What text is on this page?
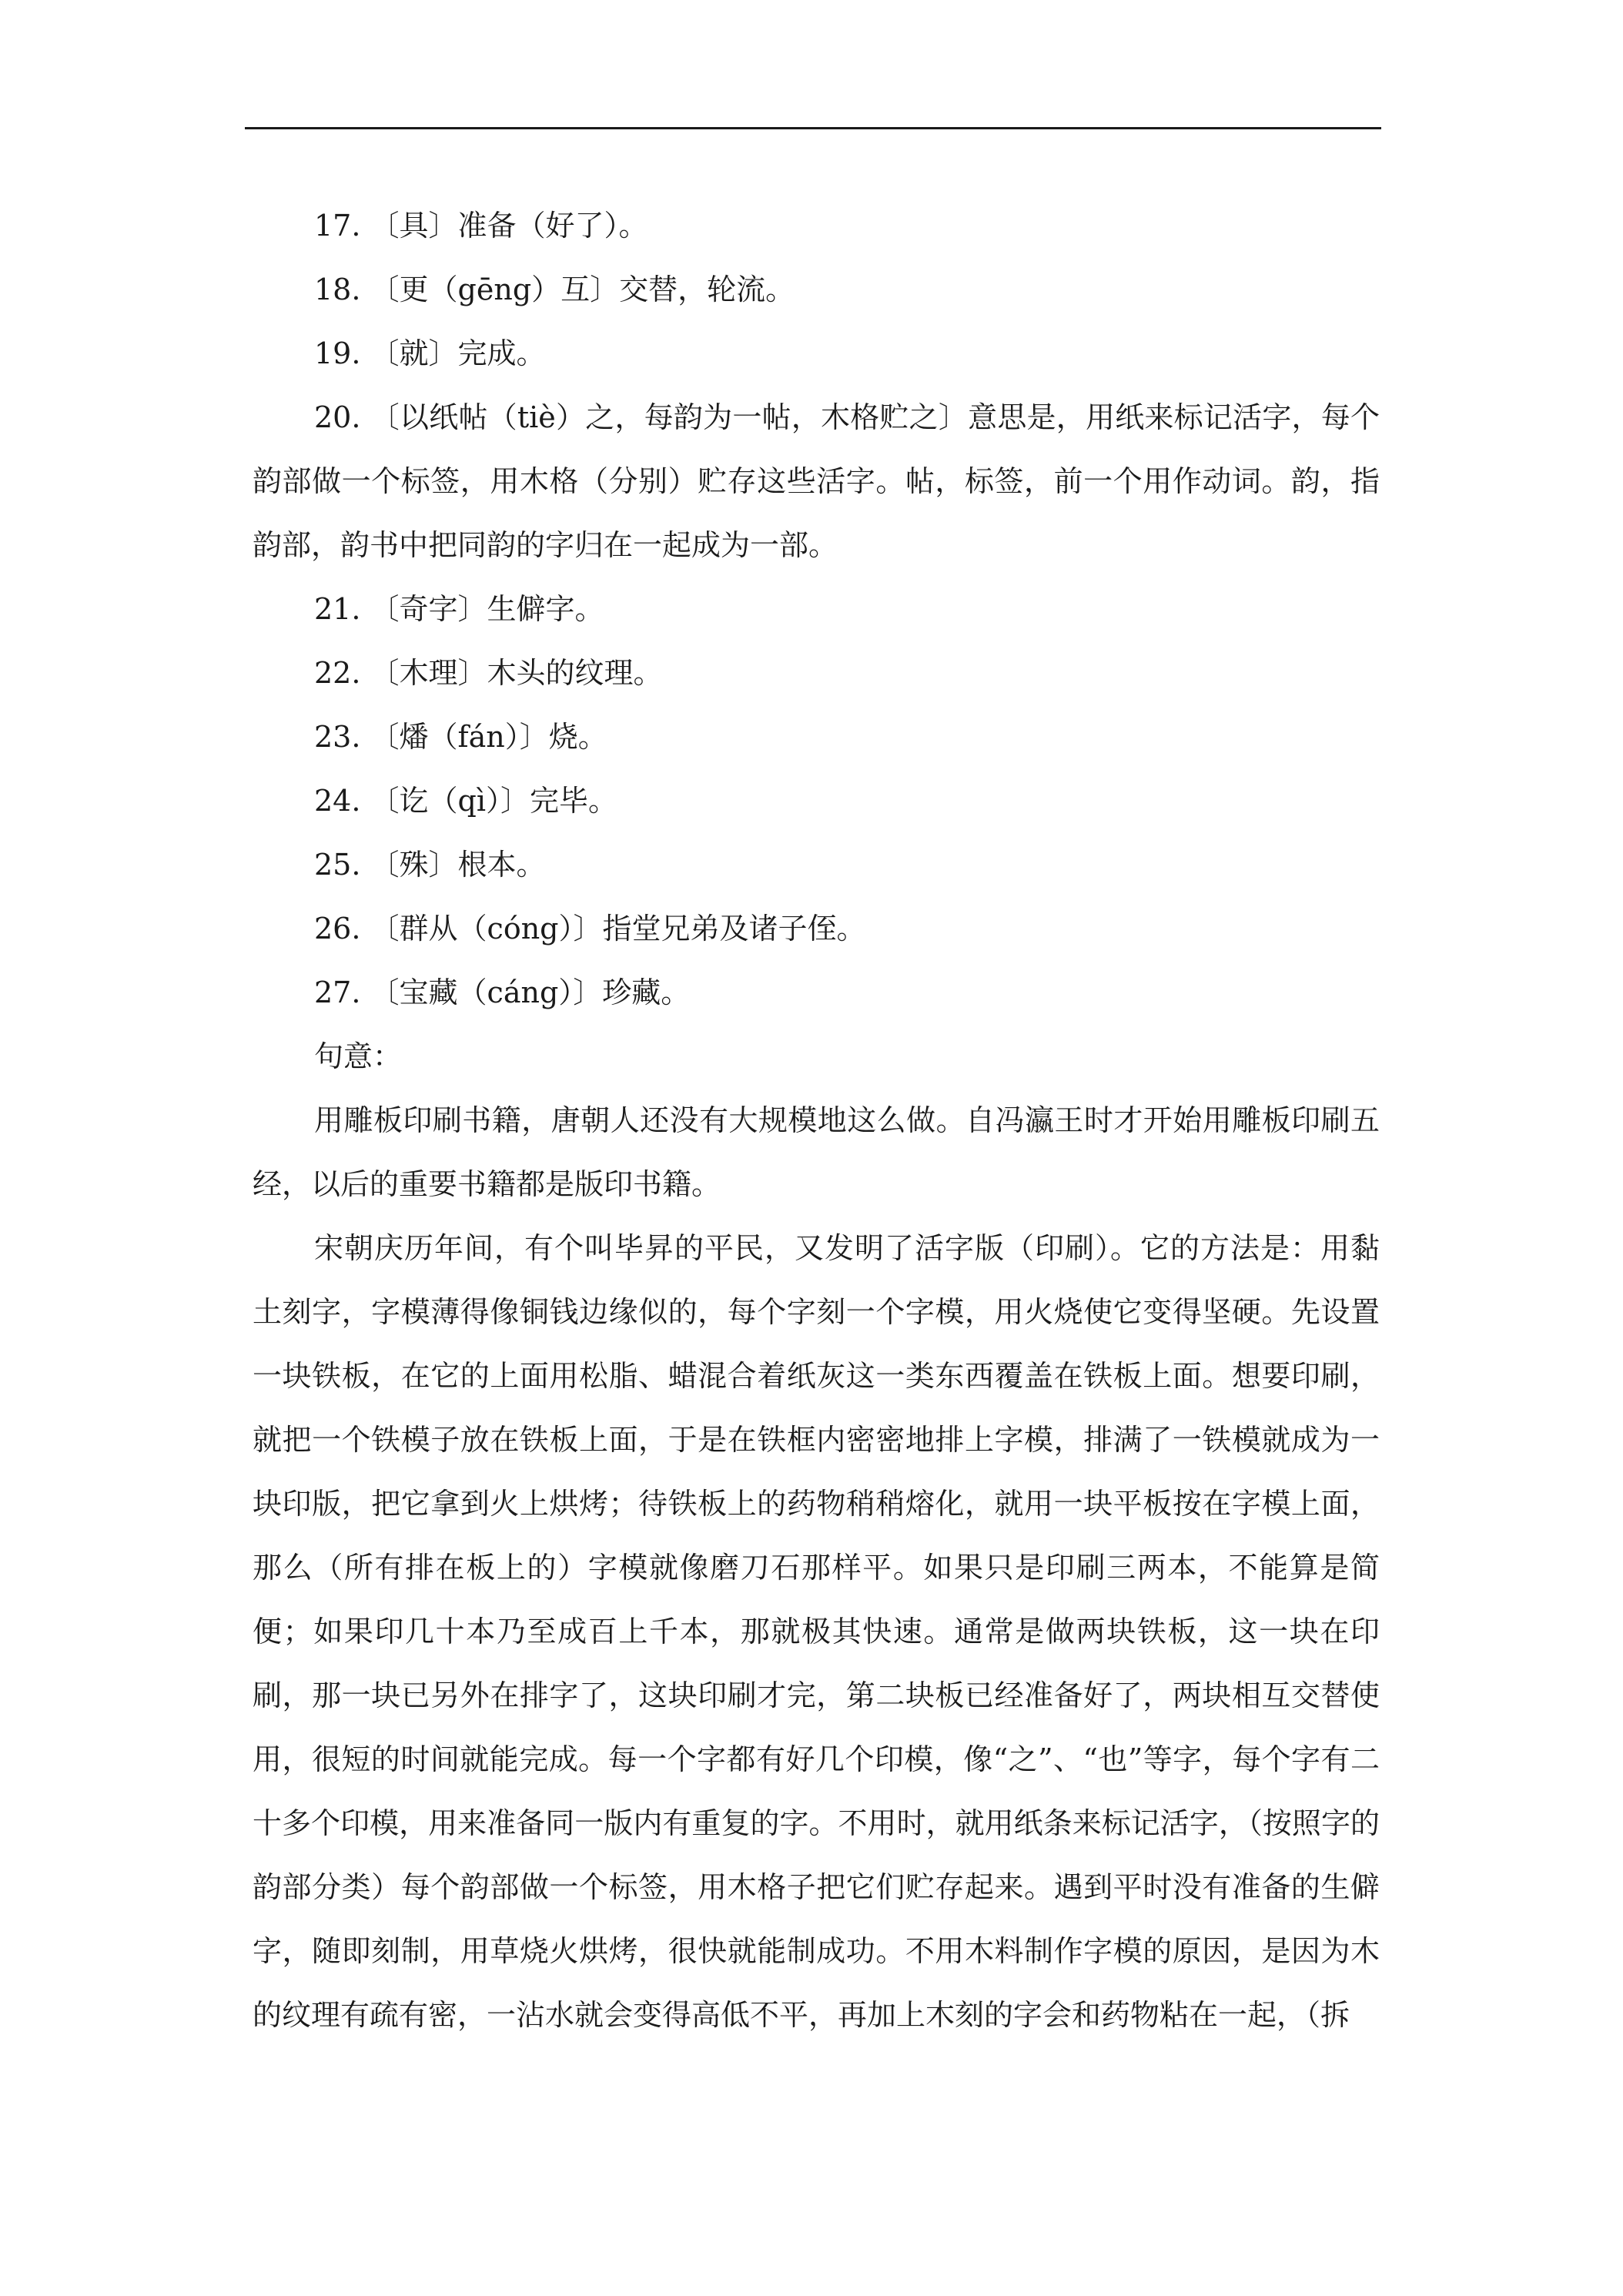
17. 〔具〕准备（好了）。

18. 〔更（gēng）互〕交替，轮流。

19. 〔就〕完成。

20. 〔以纸帖（tiè）之，每韵为一帖，木格贮之〕意思是，用纸来标记活字，每个韵部做一个标签，用木格（分别）贮存这些活字。帖，标签，前一个用作动词。韵，指韵部，韵书中把同韵的字归在一起成为一部。

21. 〔奇字〕生僻字。

22. 〔木理〕木头的纹理。

23. 〔燔（fán）〕烧。

24. 〔讫（qì）〕完毕。

25. 〔殊〕根本。

26. 〔群从（cóng）〕指堂兄弟及诸子侄。

27. 〔宝藏（cáng）〕珍藏。

句意：

用雕板印刷书籍，唐朝人还没有大规模地这么做。自冯瀛王时才开始用雕板印刷五经，以后的重要书籍都是版印书籍。

宋朝庆历年间，有个叫毕昇的平民，又发明了活字版（印刷）。它的方法是：用黏土刻字，字模薄得像铜钱边缘似的，每个字刻一个字模，用火烧使它变得坚硬。先设置一块铁板，在它的上面用松脂、蜡混合着纸灰这一类东西覆盖在铁板上面。想要印刷，就把一个铁模子放在铁板上面，于是在铁框内密密地排上字模，排满了一铁模就成为一块印版，把它拿到火上烘烤；待铁板上的药物稍稍熔化，就用一块平板按在字模上面，那么（所有排在板上的）字模就像磨刀石那样平。如果只是印刷三两本，不能算是简便；如果印几十本乃至成百上千本，那就极其快速。通常是做两块铁板，这一块在印刷，那一块已另外在排字了，这块印刷才完，第二块板已经准备好了，两块相互交替使用，很短的时间就能完成。每一个字都有好几个印模，像“之”、“也”等字，每个字有二十多个印模，用来准备同一版内有重复的字。不用时，就用纸条来标记活字，（按照字的韵部分类）每个韵部做一个标签，用木格子把它们贮存起来。遇到平时没有准备的生僻字，随即刻制，用草烧火烘烤，很快就能制成功。不用木料制作字模的原因，是因为木的纹理有疏有密，一沾水就会变得高低不平，再加上木刻的字会和药物粘在一起，（拆
